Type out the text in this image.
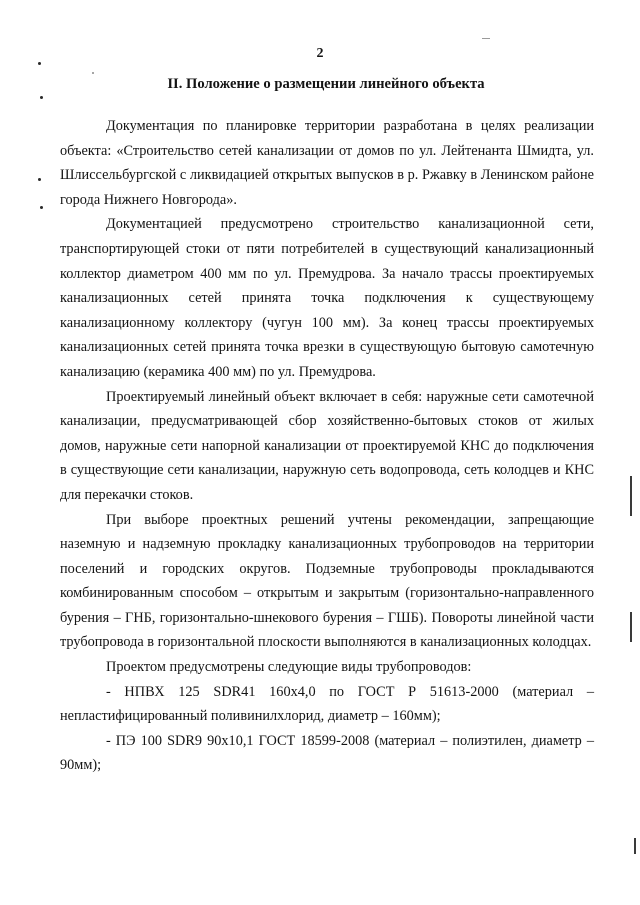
2
II. Положение о размещении линейного объекта

Документация по планировке территории разработана в целях реализации объекта: «Строительство сетей канализации от домов по ул. Лейтенанта Шмидта, ул. Шлиссельбургской с ликвидацией открытых выпусков в р. Ржавку в Ленинском районе города Нижнего Новгорода».

Документацией предусмотрено строительство канализационной сети, транспортирующей стоки от пяти потребителей в существующий канализационный коллектор диаметром 400 мм по ул. Премудрова. За начало трассы проектируемых канализационных сетей принята точка подключения к существующему канализационному коллектору (чугун 100 мм). За конец трассы проектируемых канализационных сетей принята точка врезки в существующую бытовую самотечную канализацию (керамика 400 мм) по ул. Премудрова.

Проектируемый линейный объект включает в себя: наружные сети самотечной канализации, предусматривающей сбор хозяйственно-бытовых стоков от жилых домов, наружные сети напорной канализации от проектируемой КНС до подключения в существующие сети канализации, наружную сеть водопровода, сеть колодцев и КНС для перекачки стоков.

При выборе проектных решений учтены рекомендации, запрещающие наземную и надземную прокладку канализационных трубопроводов на территории поселений и городских округов. Подземные трубопроводы прокладываются комбинированным способом – открытым и закрытым (горизонтально-направленного бурения – ГНБ, горизонтально-шнекового бурения – ГШБ). Повороты линейной части трубопровода в горизонтальной плоскости выполняются в канализационных колодцах.

Проектом предусмотрены следующие виды трубопроводов:

- НПВХ 125 SDR41 160х4,0 по ГОСТ Р 51613-2000 (материал – непластифицированный поливинилхлорид, диаметр – 160мм);

- ПЭ 100 SDR9 90х10,1 ГОСТ 18599-2008 (материал – полиэтилен, диаметр – 90мм);
